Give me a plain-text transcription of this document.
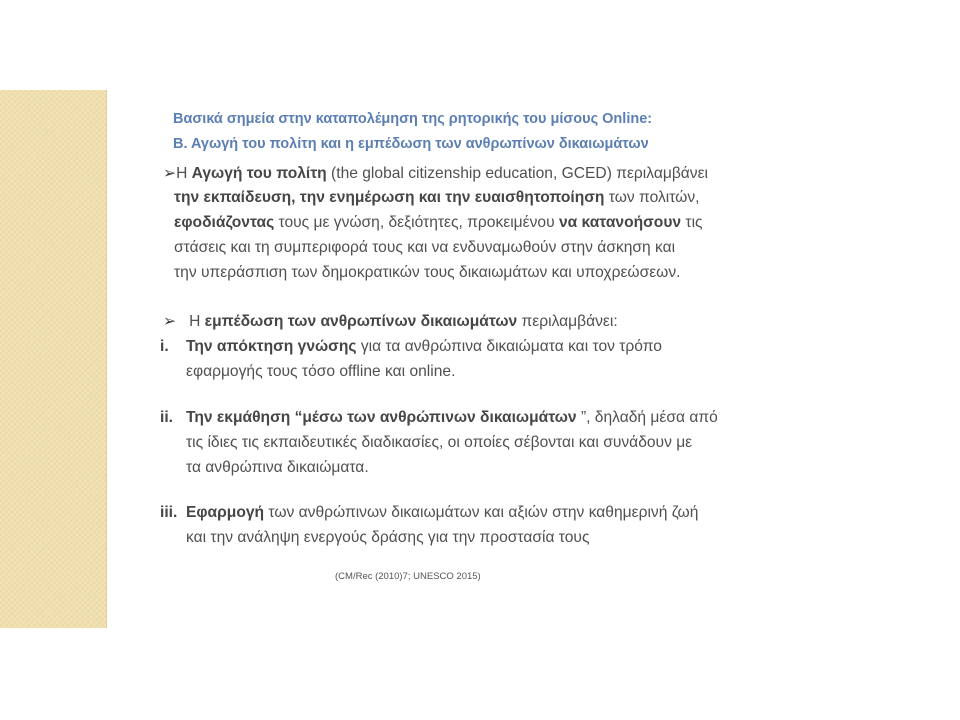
Βασικά σημεία στην καταπολέμηση της ρητορικής του μίσους Online:
Β. Αγωγή του πολίτη και η εμπέδωση των ανθρωπίνων δικαιωμάτων
➢Η Αγωγή του πολίτη (the global citizenship education, GCED) περιλαμβάνει
την εκπαίδευση, την ενημέρωση και την ευαισθητοποίηση των πολιτών,
εφοδιάζοντας τους με γνώση, δεξιότητες, προκειμένου να κατανοήσουν τις
στάσεις και τη συμπεριφορά τους και να ενδυναμωθούν στην άσκηση και
την υπεράσπιση των δημοκρατικών τους δικαιωμάτων και υποχρεώσεων.
➢ Η εμπέδωση των ανθρωπίνων δικαιωμάτων περιλαμβάνει:
i. Την απόκτηση γνώσης για τα ανθρώπινα δικαιώματα και τον τρόπο
εφαρμογής τους τόσο offline και online.
ii. Την εκμάθηση “μέσω των ανθρώπινων δικαιωμάτων ”, δηλαδή μέσα από
τις ίδιες τις εκπαιδευτικές διαδικασίες, οι οποίες σέβονται και συνάδουν με
τα ανθρώπινα δικαιώματα.
iii. Εφαρμογή των ανθρώπινων δικαιωμάτων και αξιών στην καθημερινή ζωή
και την ανάληψη ενεργούς δράσης για την προστασία τους
(CM/Rec (2010)7; UNESCO 2015)
